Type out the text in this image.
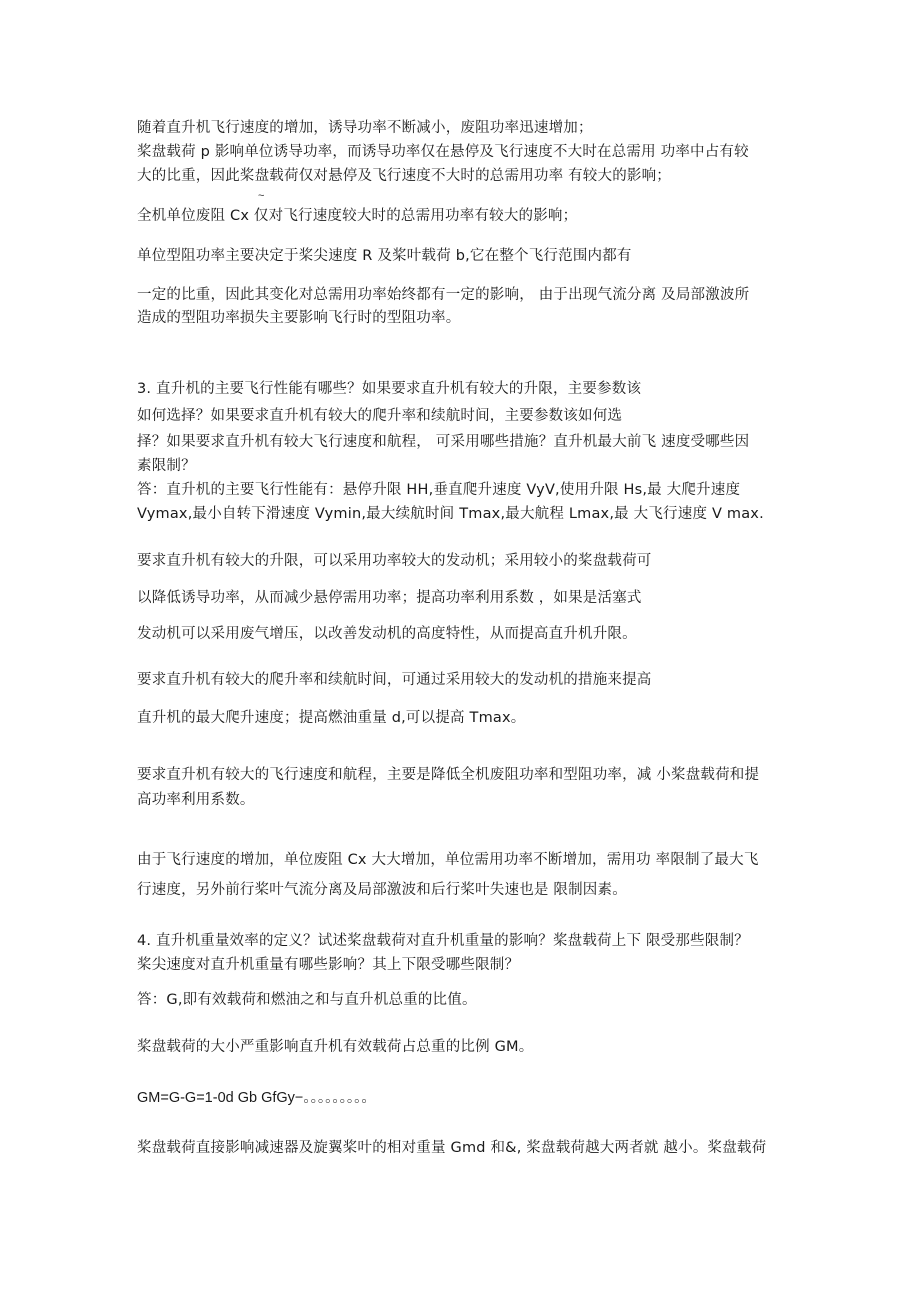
~
随着直升机飞行速度的增加，诱导功率不断减小，废阻功率迅速增加；
桨盘载荷 p 影响单位诱导功率，而诱导功率仅在悬停及飞行速度不大时在总需用 功率中占有较
大的比重，因此桨盘载荷仅对悬停及飞行速度不大时的总需用功率 有较大的影响；
全机单位废阻 Cx 仅对飞行速度较大时的总需用功率有较大的影响；
单位型阻功率主要决定于桨尖速度 R 及桨叶载荷 b,它在整个飞行范围内都有
一定的比重，因此其变化对总需用功率始终都有一定的影响， 由于出现气流分离 及局部激波所
造成的型阻功率损失主要影响飞行时的型阻功率。
3. 直升机的主要飞行性能有哪些？如果要求直升机有较大的升限，主要参数该
如何选择？如果要求直升机有较大的爬升率和续航时间，主要参数该如何选
择？如果要求直升机有较大飞行速度和航程， 可采用哪些措施？直升机最大前飞 速度受哪些因
素限制？
答：直升机的主要飞行性能有：悬停升限 HH,垂直爬升速度 VyV,使用升限 Hs,最 大爬升速度
Vymax,最小自转下滑速度 Vymin,最大续航时间 Tmax,最大航程 Lmax,最 大飞行速度 V max.
要求直升机有较大的升限，可以采用功率较大的发动机；采用较小的桨盘载荷可
以降低诱导功率，从而减少悬停需用功率；提高功率利用系数 ，如果是活塞式
发动机可以采用废气增压，以改善发动机的高度特性，从而提高直升机升限。
要求直升机有较大的爬升率和续航时间，可通过采用较大的发动机的措施来提高
直升机的最大爬升速度；提高燃油重量 d,可以提高 Tmax。
要求直升机有较大的飞行速度和航程，主要是降低全机废阻功率和型阻功率，减 小桨盘载荷和提
高功率利用系数。
由于飞行速度的增加，单位废阻 Cx 大大增加，单位需用功率不断增加，需用功 率限制了最大飞
行速度，另外前行桨叶气流分离及局部激波和后行桨叶失速也是 限制因素。
4. 直升机重量效率的定义？试述桨盘载荷对直升机重量的影响？桨盘载荷上下 限受那些限制？
桨尖速度对直升机重量有哪些影响？其上下限受哪些限制？
答：G,即有效载荷和燃油之和与直升机总重的比值。
桨盘载荷的大小严重影响直升机有效载荷占总重的比例 GM。
GM=G-G=1-0d Gb GfGy−。。。。。。。。。
桨盘载荷直接影响减速器及旋翼桨叶的相对重量 Gmd 和&, 桨盘载荷越大两者就 越小。桨盘载荷
